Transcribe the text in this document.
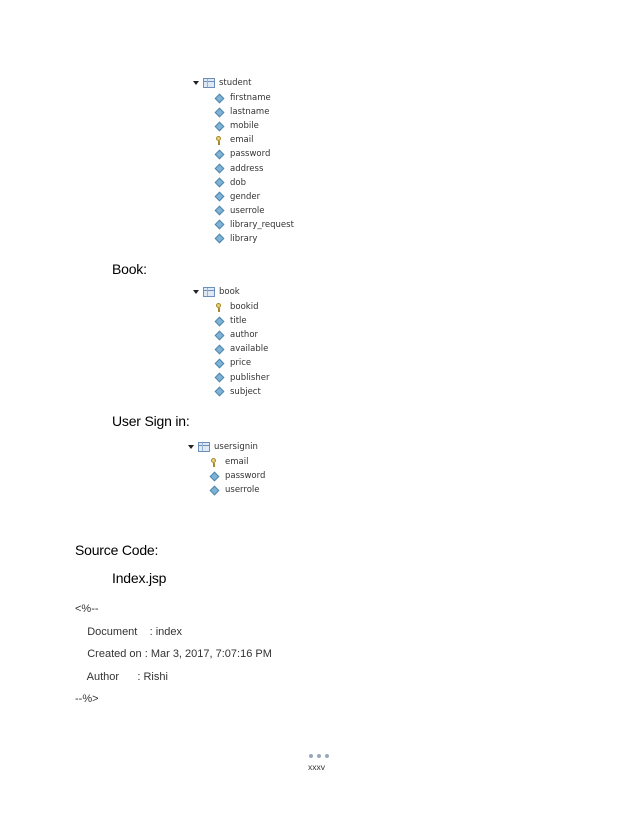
student
firstname
lastname
mobile
email
password
address
dob
gender
userrole
library_request
library
Book:
book
bookid
title
author
available
price
publisher
subject
User Sign in:
usersignin
email
password
userrole
Source Code:
Index.jsp
<%--
Document    : index
Created on : Mar 3, 2017, 7:07:16 PM
Author      : Rishi
--%>
xxxv
